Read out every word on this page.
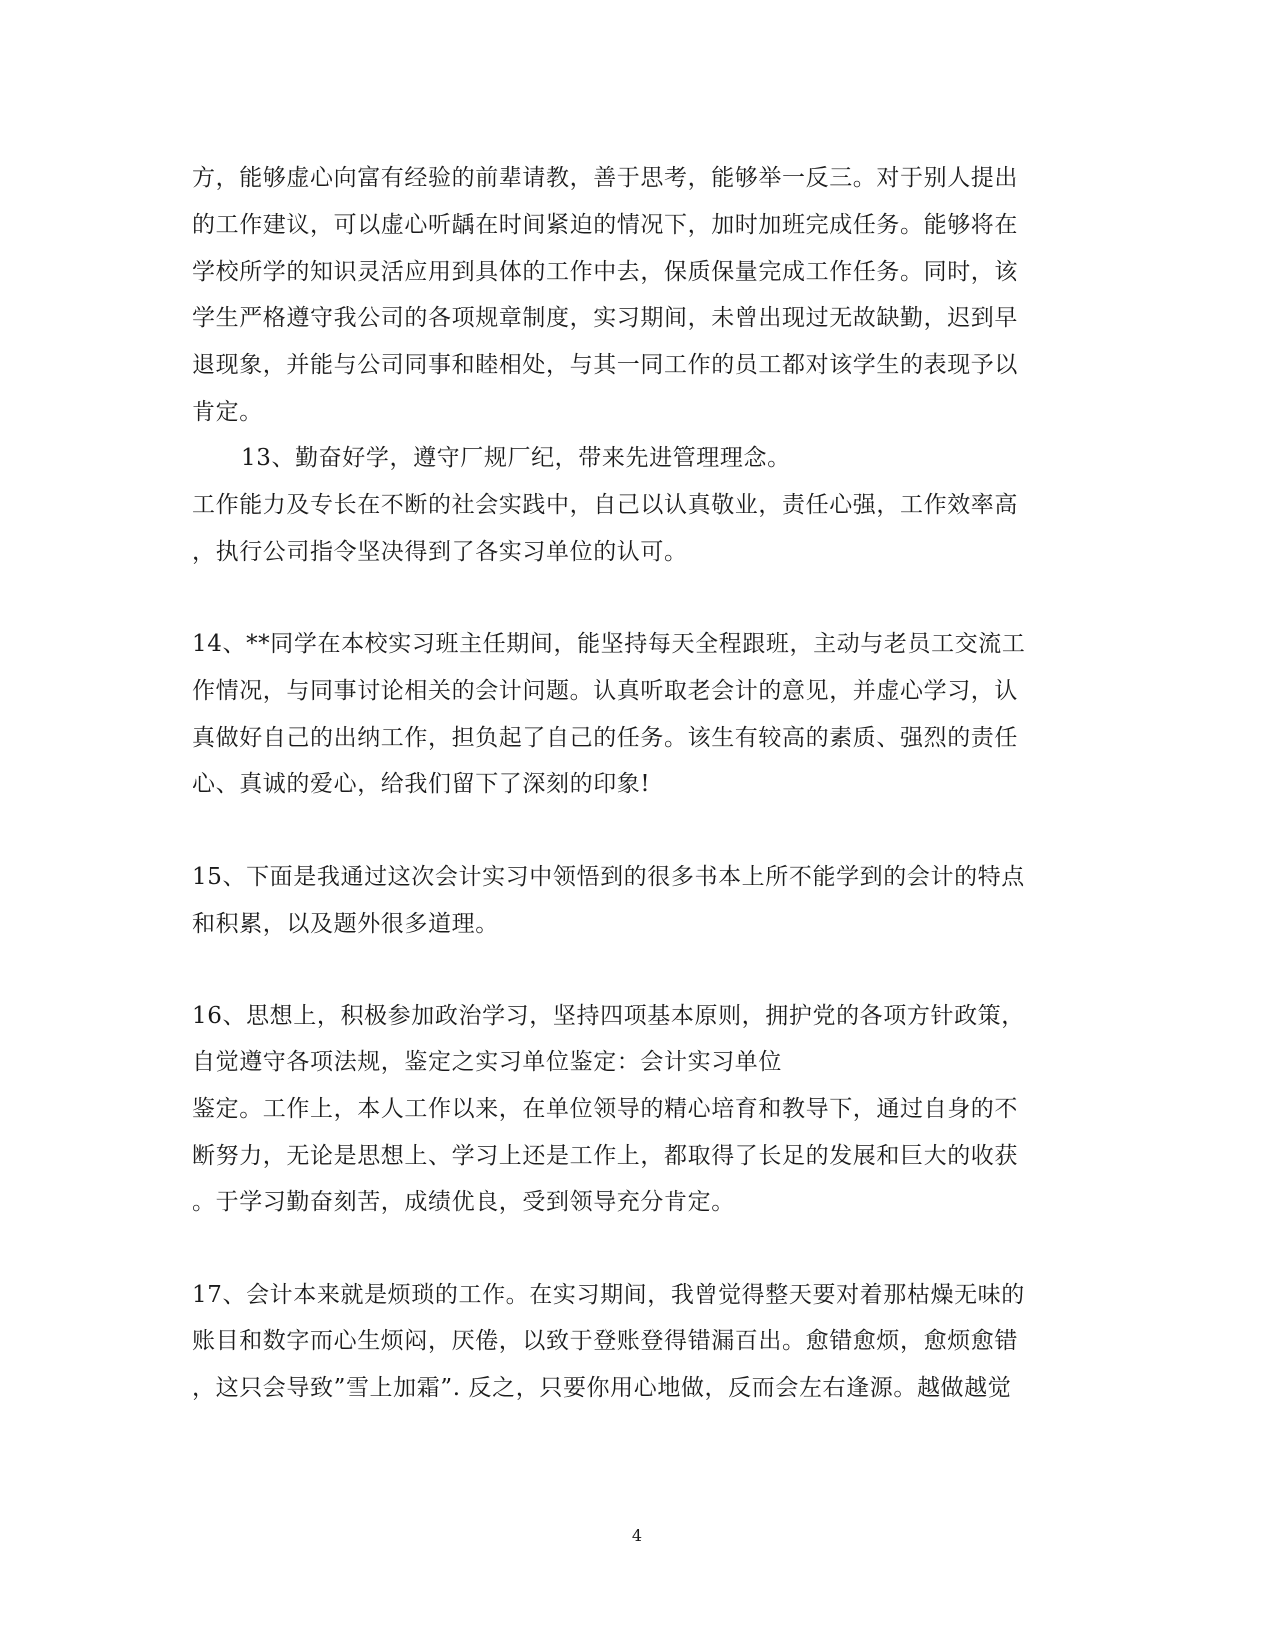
方，能够虚心向富有经验的前辈请教，善于思考，能够举一反三。对于别人提出
的工作建议，可以虚心听龋在时间紧迫的情况下，加时加班完成任务。能够将在
学校所学的知识灵活应用到具体的工作中去，保质保量完成工作任务。同时，该
学生严格遵守我公司的各项规章制度，实习期间，未曾出现过无故缺勤，迟到早
退现象，并能与公司同事和睦相处，与其一同工作的员工都对该学生的表现予以
肯定。
13、勤奋好学，遵守厂规厂纪，带来先进管理理念。
工作能力及专长在不断的社会实践中，自己以认真敬业，责任心强，工作效率高
，执行公司指令坚决得到了各实习单位的认可。
14、**同学在本校实习班主任期间，能坚持每天全程跟班，主动与老员工交流工
作情况，与同事讨论相关的会计问题。认真听取老会计的意见，并虚心学习，认
真做好自己的出纳工作，担负起了自己的任务。该生有较高的素质、强烈的责任
心、真诚的爱心，给我们留下了深刻的印象!
15、下面是我通过这次会计实习中领悟到的很多书本上所不能学到的会计的特点
和积累，以及题外很多道理。
16、思想上，积极参加政治学习，坚持四项基本原则，拥护党的各项方针政策，
自觉遵守各项法规，鉴定之实习单位鉴定：会计实习单位
鉴定。工作上，本人工作以来，在单位领导的精心培育和教导下，通过自身的不
断努力，无论是思想上、学习上还是工作上，都取得了长足的发展和巨大的收获
。于学习勤奋刻苦，成绩优良，受到领导充分肯定。
17、会计本来就是烦琐的工作。在实习期间，我曾觉得整天要对着那枯燥无味的
账目和数字而心生烦闷，厌倦，以致于登账登得错漏百出。愈错愈烦，愈烦愈错
，这只会导致”雪上加霜”. 反之，只要你用心地做，反而会左右逢源。越做越觉
4
